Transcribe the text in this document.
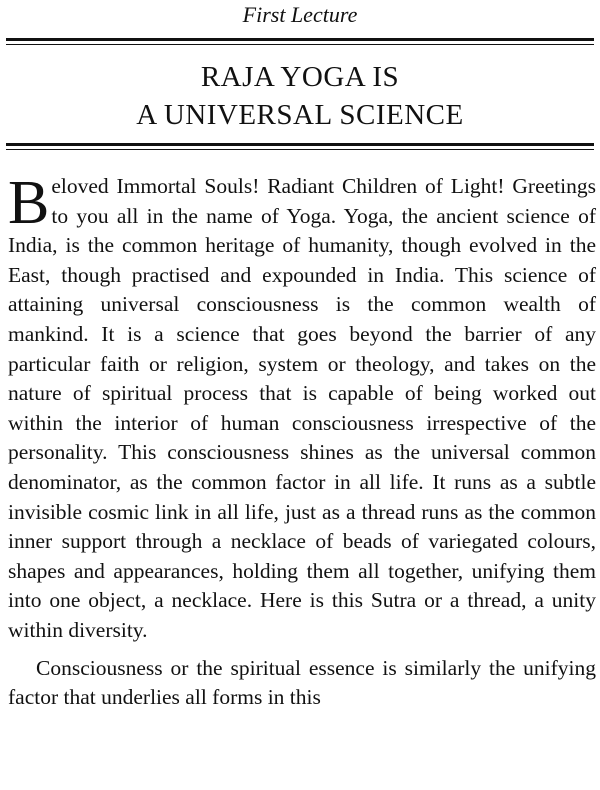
First Lecture
RAJA YOGA IS
A UNIVERSAL SCIENCE

Beloved Immortal Souls! Radiant Children of Light! Greetings to you all in the name of Yoga. Yoga, the ancient science of India, is the common heritage of humanity, though evolved in the East, though practised and expounded in India. This science of attaining universal consciousness is the common wealth of mankind. It is a science that goes beyond the barrier of any particular faith or religion, system or theology, and takes on the nature of spiritual process that is capable of being worked out within the interior of human consciousness irrespective of the personality. This consciousness shines as the universal common denominator, as the common factor in all life. It runs as a subtle invisible cosmic link in all life, just as a thread runs as the common inner support through a necklace of beads of variegated colours, shapes and appearances, holding them all together, unifying them into one object, a necklace. Here is this Sutra or a thread, a unity within diversity.

Consciousness or the spiritual essence is similarly the unifying factor that underlies all forms in this
